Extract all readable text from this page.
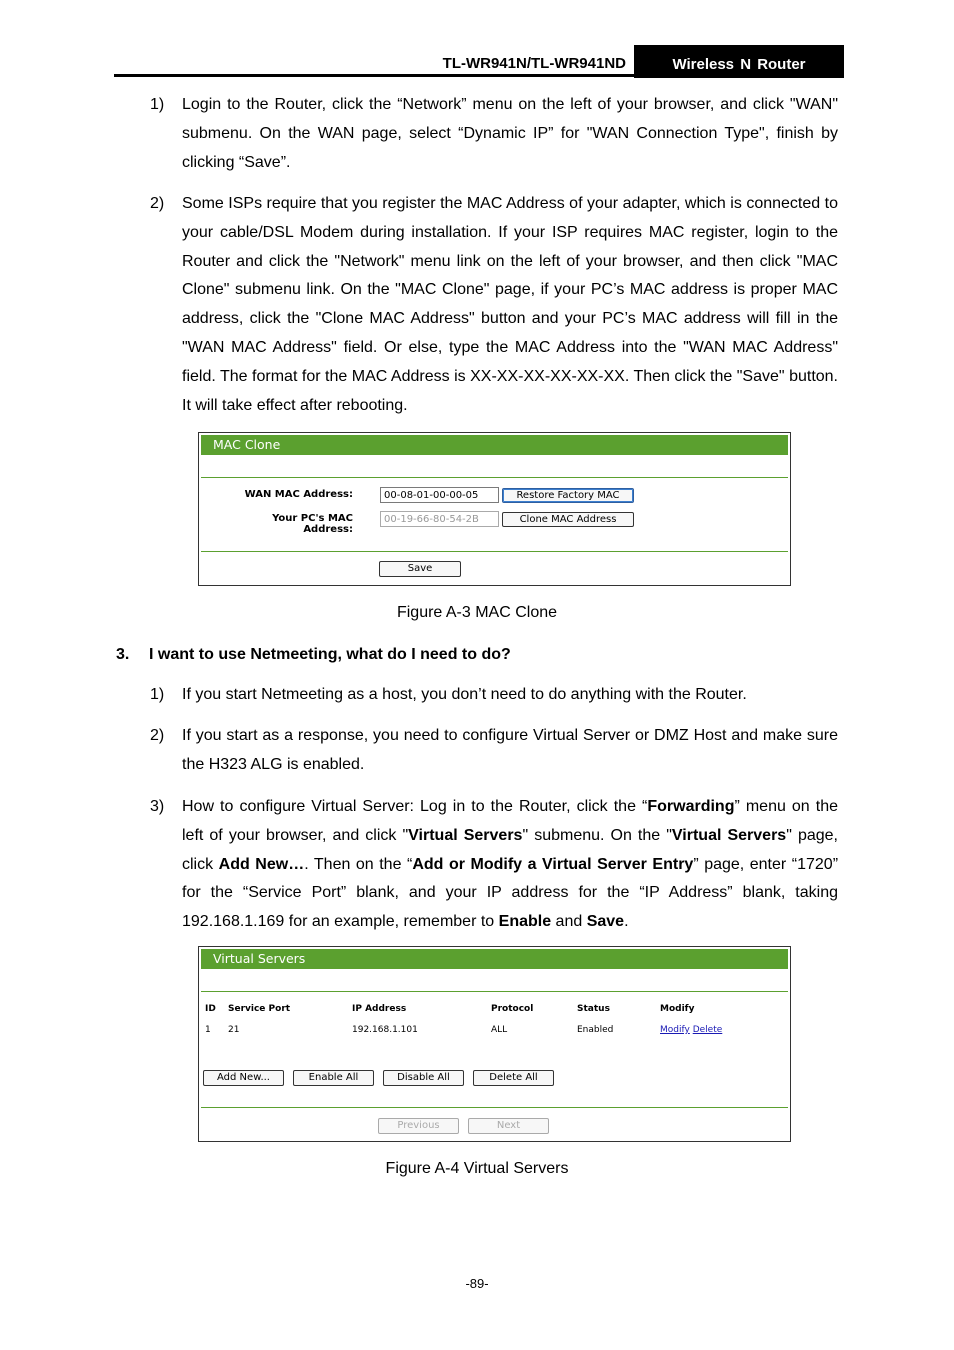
TL-WR941N/TL-WR941ND	Wireless N Router
1) Login to the Router, click the “Network” menu on the left of your browser, and click "WAN" submenu. On the WAN page, select “Dynamic IP” for "WAN Connection Type", finish by clicking “Save”.
2) Some ISPs require that you register the MAC Address of your adapter, which is connected to your cable/DSL Modem during installation. If your ISP requires MAC register, login to the Router and click the "Network" menu link on the left of your browser, and then click "MAC Clone" submenu link. On the "MAC Clone" page, if your PC’s MAC address is proper MAC address, click the "Clone MAC Address" button and your PC’s MAC address will fill in the "WAN MAC Address" field. Or else, type the MAC Address into the "WAN MAC Address" field. The format for the MAC Address is XX-XX-XX-XX-XX-XX. Then click the "Save" button. It will take effect after rebooting.
MAC Clone
WAN MAC Address:	00-08-01-00-00-05	Restore Factory MAC
Your PC's MAC Address:
00-19-66-80-54-2B	Clone MAC Address
Save
Figure A-3 MAC Clone
3. I want to use Netmeeting, what do I need to do?
1) If you start Netmeeting as a host, you don’t need to do anything with the Router.
2) If you start as a response, you need to configure Virtual Server or DMZ Host and make sure the H323 ALG is enabled.
3) How to configure Virtual Server: Log in to the Router, click the “Forwarding” menu on the left of your browser, and click "Virtual Servers" submenu. On the "Virtual Servers" page, click Add New…. Then on the “Add or Modify a Virtual Server Entry” page, enter “1720” for the “Service Port” blank, and your IP address for the “IP Address” blank, taking 192.168.1.169 for an example, remember to Enable and Save.
Virtual Servers
ID Service Port	IP Address	Protocol	Status	Modify
1 21	192.168.1.101	ALL	Enabled	Modify Delete
Add New...	Enable All	Disable All	Delete All
Previous	Next
Figure A-4 Virtual Servers
-89-
